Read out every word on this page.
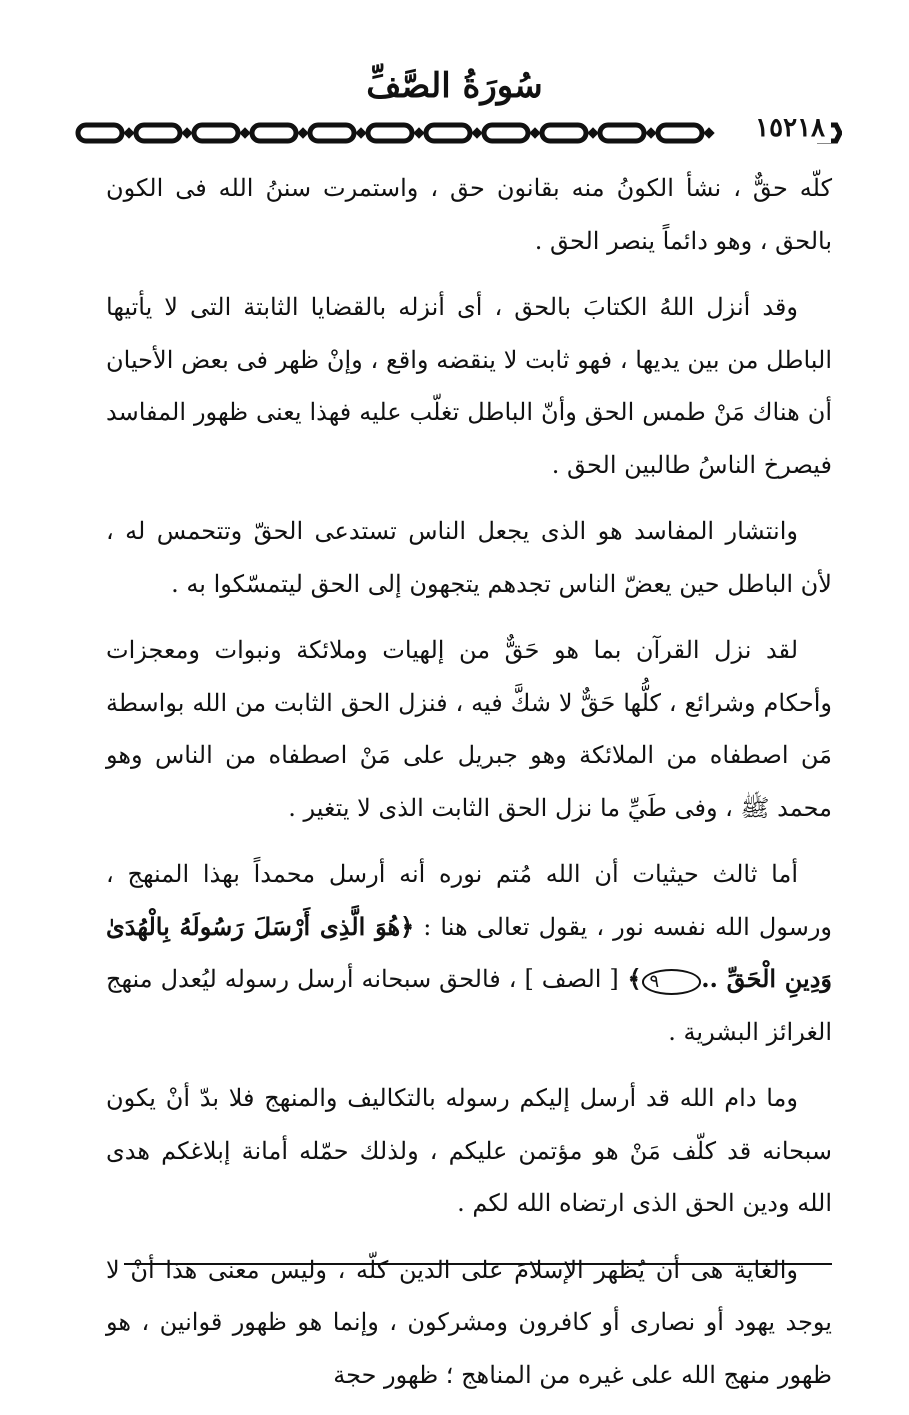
سُورَةُ الصَّفِّ
١٥٢١٨

كلّه حقٌّ ، نشأ الكونُ منه بقانون حق ، واستمرت سننُ الله فى الكون بالحق ، وهو دائماً ينصر الحق .

وقد أنزل اللهُ الكتابَ بالحق ، أى أنزله بالقضايا الثابتة التى لا يأتيها الباطل من بين يديها ، فهو ثابت لا ينقضه واقع ، وإنْ ظهر فى بعض الأحيان أن هناك مَنْ طمس الحق وأنّ الباطل تغلّب عليه فهذا يعنى ظهور المفاسد فيصرخ الناسُ طالبين الحق .

وانتشار المفاسد هو الذى يجعل الناس تستدعى الحقّ وتتحمس له ، لأن الباطل حين يعضّ الناس تجدهم يتجهون إلى الحق ليتمسّكوا به .

لقد نزل القرآن بما هو حَقٌّ من إلهيات وملائكة ونبوات ومعجزات وأحكام وشرائع ، كلُّها حَقٌّ لا شكَّ فيه ، فنزل الحق الثابت من الله بواسطة مَن اصطفاه من الملائكة وهو جبريل على مَنْ اصطفاه من الناس وهو محمد ﷺ ، وفى طَيِّ ما نزل الحق الثابت الذى لا يتغير .

أما ثالث حيثيات أن الله مُتم نوره أنه أرسل محمداً بهذا المنهج ، ورسول الله نفسه نور ، يقول تعالى هنا : ﴿هُوَ الَّذِى أَرْسَلَ رَسُولَهُ بِالْهُدَىٰ وَدِينِ الْحَقِّ ..٩﴾ [ الصف ] ، فالحق سبحانه أرسل رسوله ليُعدل منهج الغرائز البشرية .

وما دام الله قد أرسل إليكم رسوله بالتكاليف والمنهج فلا بدّ أنْ يكون سبحانه قد كلّف مَنْ هو مؤتمن عليكم ، ولذلك حمّله أمانة إبلاغكم هدى الله ودين الحق الذى ارتضاه الله لكم .

والغاية هى أن يُظهر الإسلامَ على الدين كلّه ، وليس معنى هذا أنْ لا يوجد يهود أو نصارى أو كافرون ومشركون ، وإنما هو ظهور قوانين ، هو ظهور منهج الله على غيره من المناهج ؛ ظهور حجة
